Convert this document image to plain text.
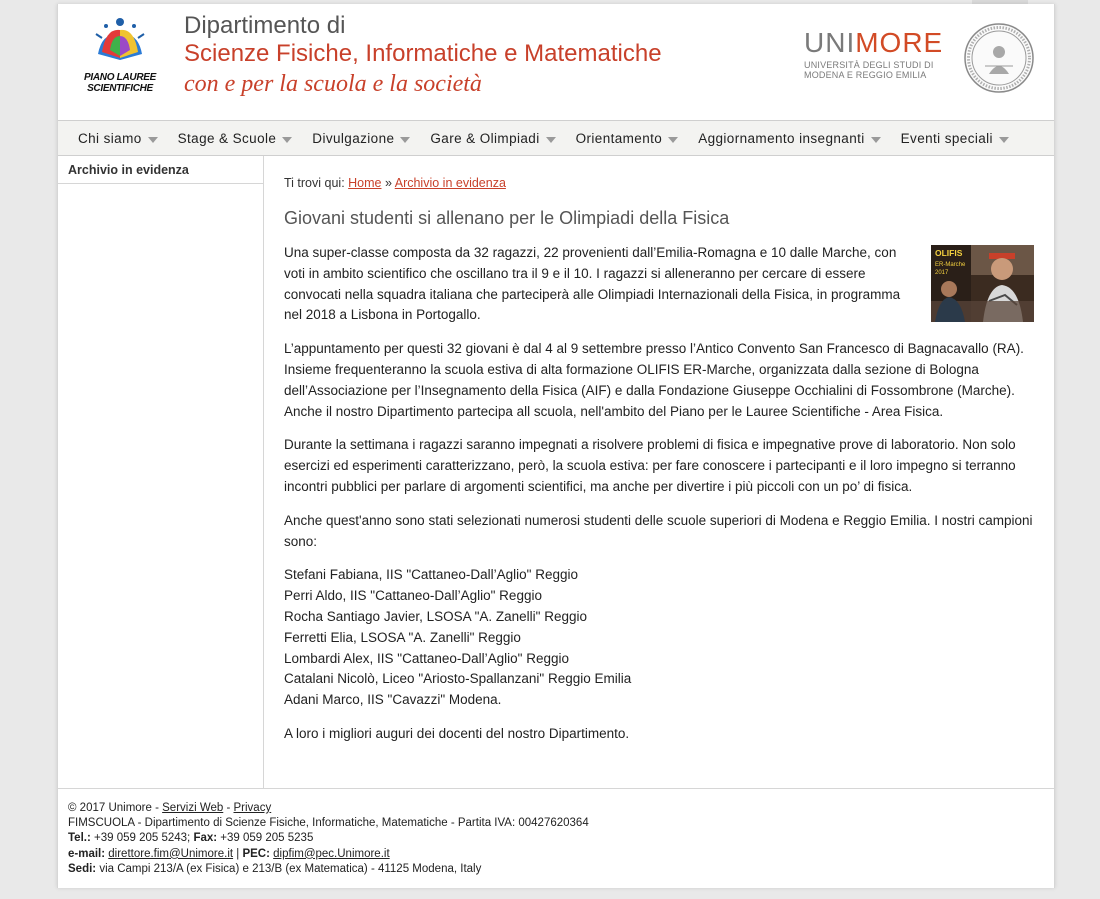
PIANO LAUREE
SCIENTIFICHE
Dipartimento di
Scienze Fisiche, Informatiche e Matematiche
con e per la scuola e la società
UNIMORE
UNIVERSITÀ DEGLI STUDI DI
MODENA E REGGIO EMILIA
Chi siamo	Stage & Scuole	Divulgazione	Gare & Olimpiadi	Orientamento	Aggiornamento insegnanti	Eventi speciali
Archivio in evidenza
Ti trovi qui: Home » Archivio in evidenza
Giovani studenti si allenano per le Olimpiadi della Fisica
OLIFIS
ER-Marche
2017

Una super-classe composta da 32 ragazzi, 22 provenienti dall’Emilia-Romagna e 10 dalle Marche, con voti in ambito scientifico che oscillano tra il 9 e il 10. I ragazzi si alleneranno per cercare di essere convocati nella squadra italiana che parteciperà alle Olimpiadi Internazionali della Fisica, in programma nel 2018 a Lisbona in Portogallo.

L’appuntamento per questi 32 giovani è dal 4 al 9 settembre presso l’Antico Convento San Francesco di Bagnacavallo (RA). Insieme frequenteranno la scuola estiva di alta formazione OLIFIS ER-Marche, organizzata dalla sezione di Bologna dell’Associazione per l’Insegnamento della Fisica (AIF) e dalla Fondazione Giuseppe Occhialini di Fossombrone (Marche). Anche il nostro Dipartimento partecipa all scuola, nell'ambito del Piano per le Lauree Scientifiche - Area Fisica.

Durante la settimana i ragazzi saranno impegnati a risolvere problemi di fisica e impegnative prove di laboratorio. Non solo esercizi ed esperimenti caratterizzano, però, la scuola estiva: per fare conoscere i partecipanti e il loro impegno si terranno incontri pubblici per parlare di argomenti scientifici, ma anche per divertire i più piccoli con un po’ di fisica.

Anche quest'anno sono stati selezionati numerosi studenti delle scuole superiori di Modena e Reggio Emilia. I nostri campioni sono:

Stefani Fabiana, IIS "Cattaneo-Dall’Aglio" Reggio
Perri Aldo, IIS "Cattaneo-Dall’Aglio" Reggio
Rocha Santiago Javier, LSOSA "A. Zanelli" Reggio
Ferretti Elia, LSOSA "A. Zanelli" Reggio
Lombardi Alex, IIS "Cattaneo-Dall’Aglio" Reggio
Catalani Nicolò, Liceo "Ariosto-Spallanzani" Reggio Emilia
Adani Marco, IIS "Cavazzi" Modena.

A loro i migliori auguri dei docenti del nostro Dipartimento.

© 2017 Unimore - Servizi Web - Privacy
FIMSCUOLA - Dipartimento di Scienze Fisiche, Informatiche, Matematiche - Partita IVA: 00427620364
Tel.: +39 059 205 5243; Fax: +39 059 205 5235
e-mail: direttore.fim@Unimore.it | PEC: dipfim@pec.Unimore.it
Sedi: via Campi 213/A (ex Fisica) e 213/B (ex Matematica) - 41125 Modena, Italy
